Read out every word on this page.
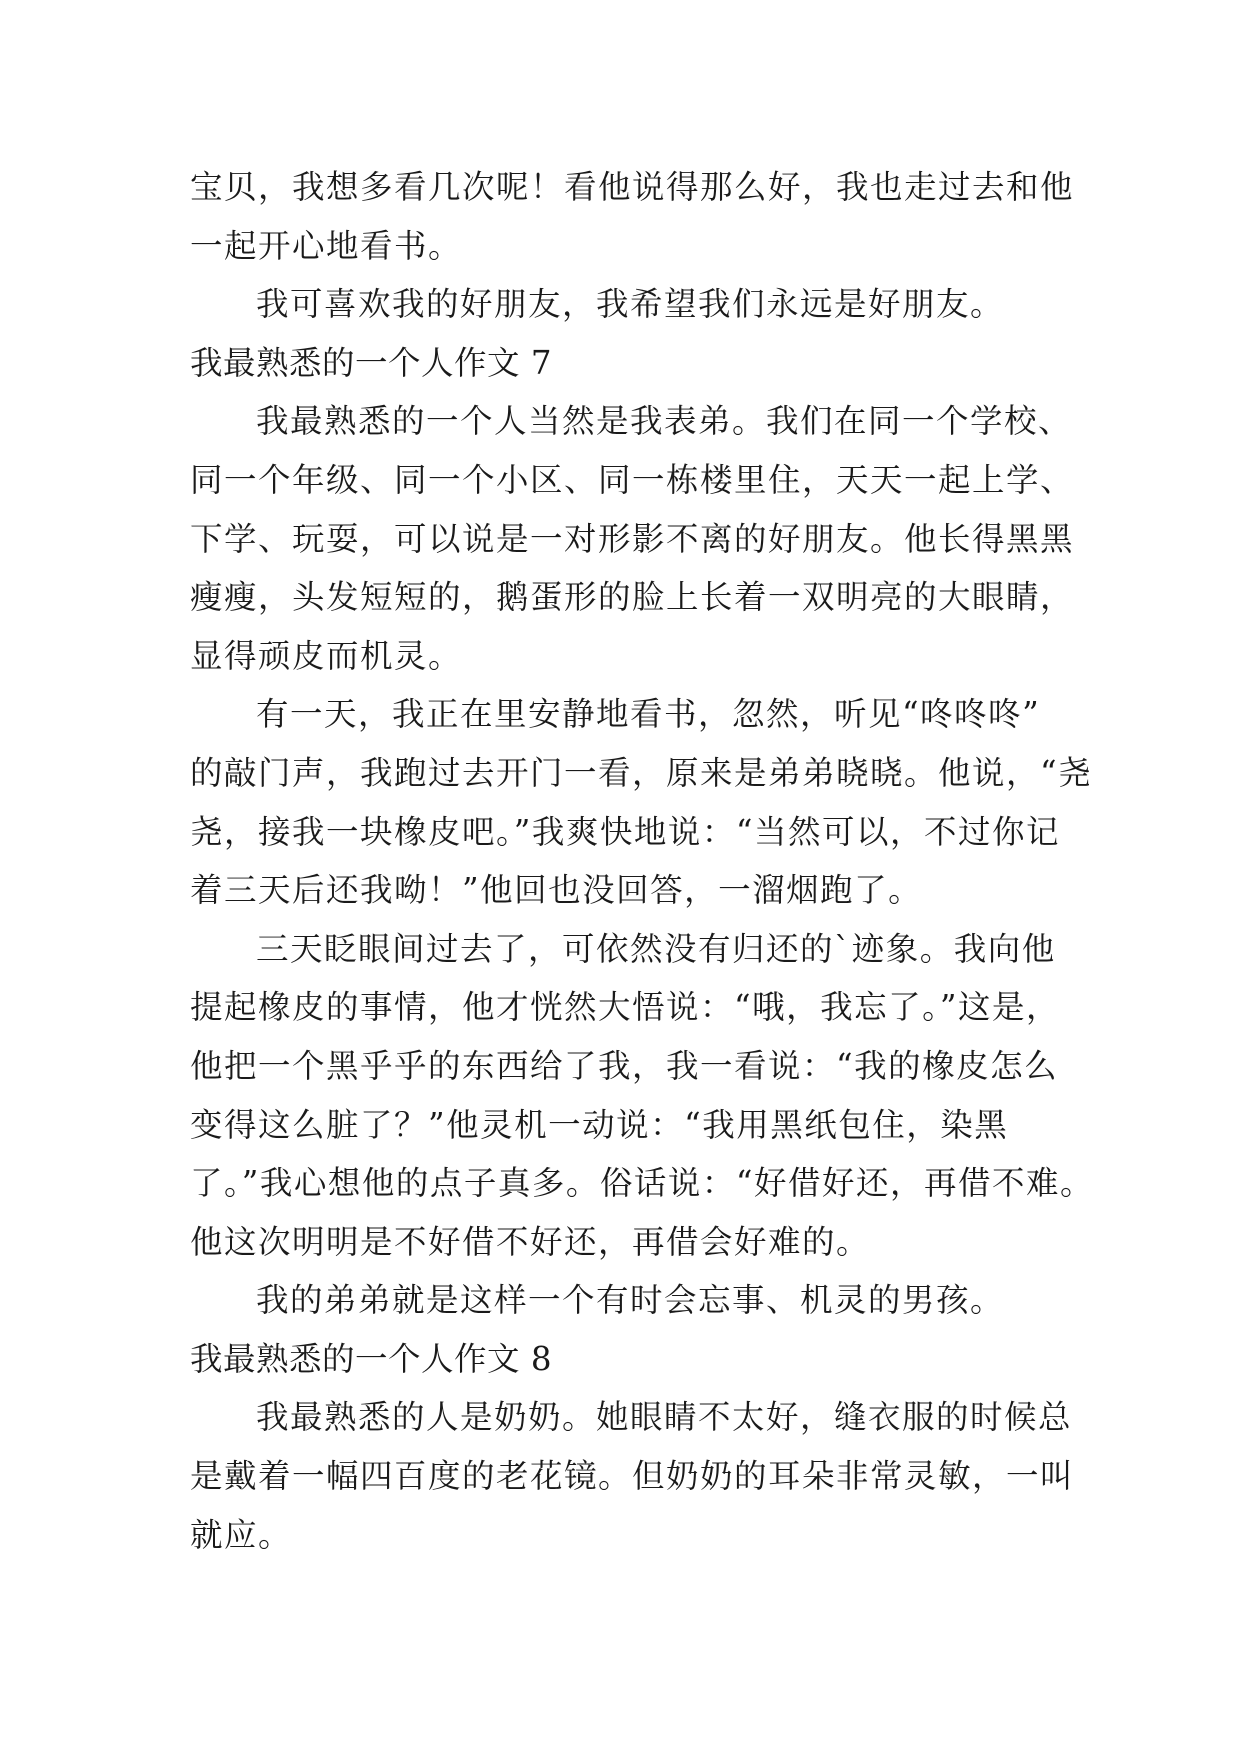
宝贝，我想多看几次呢！看他说得那么好，我也走过去和他
一起开心地看书。
我可喜欢我的好朋友，我希望我们永远是好朋友。
我最熟悉的一个人作文 7
我最熟悉的一个人当然是我表弟。我们在同一个学校、
同一个年级、同一个小区、同一栋楼里住，天天一起上学、
下学、玩耍，可以说是一对形影不离的好朋友。他长得黑黑
瘦瘦，头发短短的，鹅蛋形的脸上长着一双明亮的大眼睛，
显得顽皮而机灵。
有一天，我正在里安静地看书，忽然，听见“咚咚咚”
的敲门声，我跑过去开门一看，原来是弟弟晓晓。他说，“尧
尧，接我一块橡皮吧。”我爽快地说：“当然可以，不过你记
着三天后还我呦！”他回也没回答，一溜烟跑了。
三天眨眼间过去了，可依然没有归还的`迹象。我向他
提起橡皮的事情，他才恍然大悟说：“哦，我忘了。”这是，
他把一个黑乎乎的东西给了我，我一看说：“我的橡皮怎么
变得这么脏了？”他灵机一动说：“我用黑纸包住，染黑
了。”我心想他的点子真多。俗话说：“好借好还，再借不难。
他这次明明是不好借不好还，再借会好难的。
我的弟弟就是这样一个有时会忘事、机灵的男孩。
我最熟悉的一个人作文 8
我最熟悉的人是奶奶。她眼睛不太好，缝衣服的时候总
是戴着一幅四百度的老花镜。但奶奶的耳朵非常灵敏，一叫
就应。
